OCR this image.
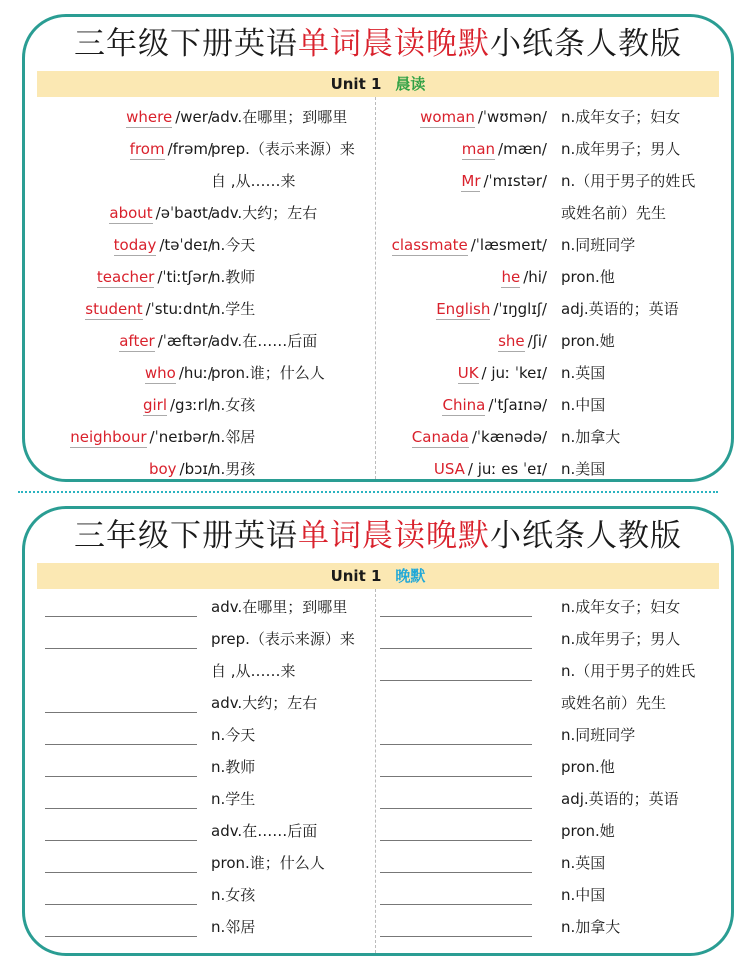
三年级下册英语单词晨读晚默小纸条人教版
Unit 1 晨读
where /wer/
from /frəm/
about /əˈbaʊt/
today /təˈdeɪ/
teacher /ˈtiːtʃər/
student /ˈstuːdnt/
after /ˈæftər/
who /huː/
girl /gɜːrl/
neighbour /ˈneɪbər/
boy /bɔɪ/
adv.在哪里；到哪里
prep.（表示来源）来
自 ,从……来
adv.大约；左右
n.今天
n.教师
n.学生
adv.在……后面
pron.谁；什么人
n.女孩
n.邻居
n.男孩
woman /ˈwʊmən/
man /mæn/
Mr /ˈmɪstər/
classmate /ˈlæsmeɪt/
he /hi/
English /ˈɪŋglɪʃ/
she /ʃi/
UK / juː ˈkeɪ/
China /ˈtʃaɪnə/
Canada /ˈkænədə/
USA / juː es ˈeɪ/
n.成年女子；妇女
n.成年男子；男人
n.（用于男子的姓氏
或姓名前）先生
n.同班同学
pron.他
adj.英语的；英语
pron.她
n.英国
n.中国
n.加拿大
n.美国
三年级下册英语单词晨读晚默小纸条人教版
Unit 1 晚默
adv.在哪里；到哪里
prep.（表示来源）来
自 ,从……来
adv.大约；左右
n.今天
n.教师
n.学生
adv.在……后面
pron.谁；什么人
n.女孩
n.邻居
n.成年女子；妇女
n.成年男子；男人
n.（用于男子的姓氏
或姓名前）先生
n.同班同学
pron.他
adj.英语的；英语
pron.她
n.英国
n.中国
n.加拿大
